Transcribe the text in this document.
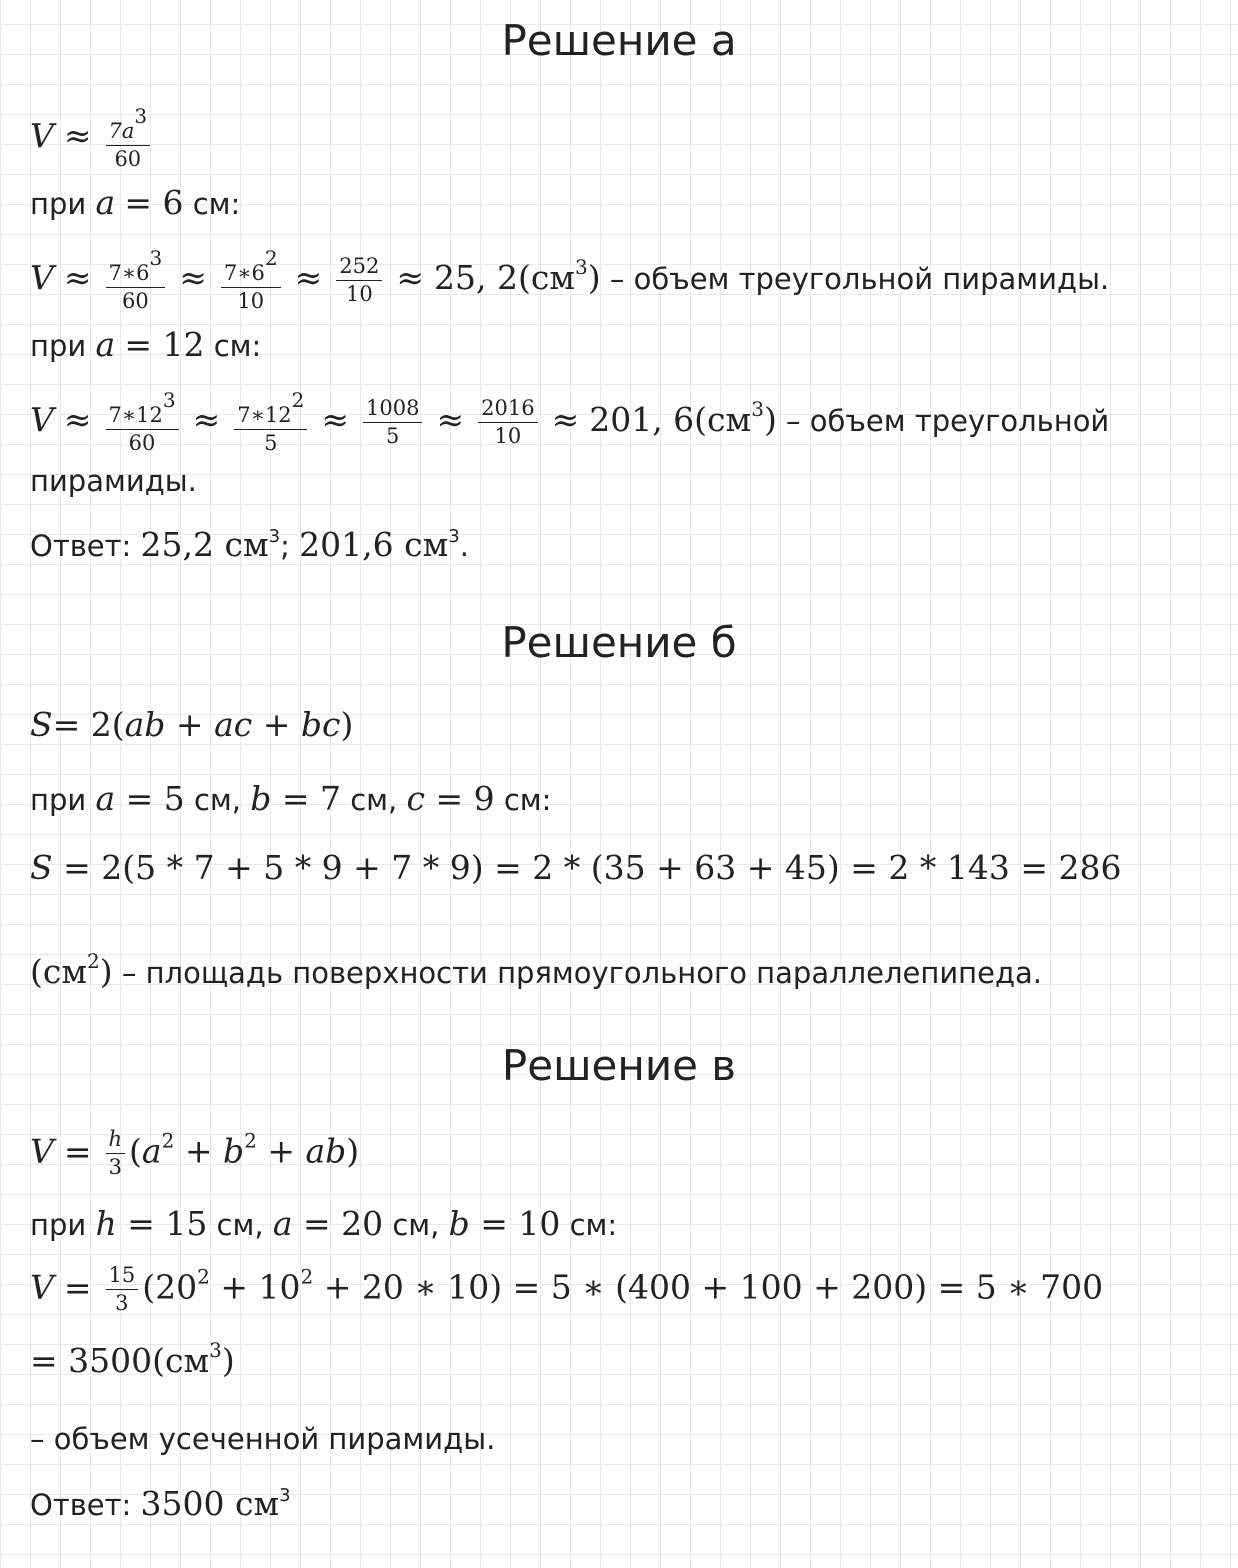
Решение а
$V \approx \frac{7a^3}{60}$
при a = 6 см:
$V \approx \frac{7∗6^3}{60} \approx \frac{7∗6^2}{10} \approx \frac{252}{10} \approx 25$, $2(см^3)$ – объем треугольной пирамиды.
при a = 12 см:
$V \approx \frac{7∗12^3}{60} \approx \frac{7∗12^2}{5} \approx \frac{1008}{5} \approx \frac{2016}{10} \approx 201$, $6(см^3)$ – объем треугольной
пирамиды.
Ответ: 25,2 $см^3$; 201,6 $см^3$.
Решение б
S= 2(ab + ac + bc)
при a = 5 см, b = 7 см, c = 9 см:
S = 2(5 * 7 + 5 * 9 + 7 * 9) = 2 * (35 + 63 + 45) = 2 * 143 = 286
$(см^2)$ – площадь поверхности прямоугольного параллелепипеда.
Решение в
$V = \frac{h}{3} (a^2 + b^2 + ab)$
при h = 15 см, a = 20 см, b = 10 см:
$V = \frac{15}{3} (20^2 + 10^2 + 20$ ∗ 10) = 5 ∗ (400 + 100 + 200) = 5 ∗ 700
= $3500(см^3)$
– объем усеченной пирамиды.
Ответ: 3500 $см^3$
